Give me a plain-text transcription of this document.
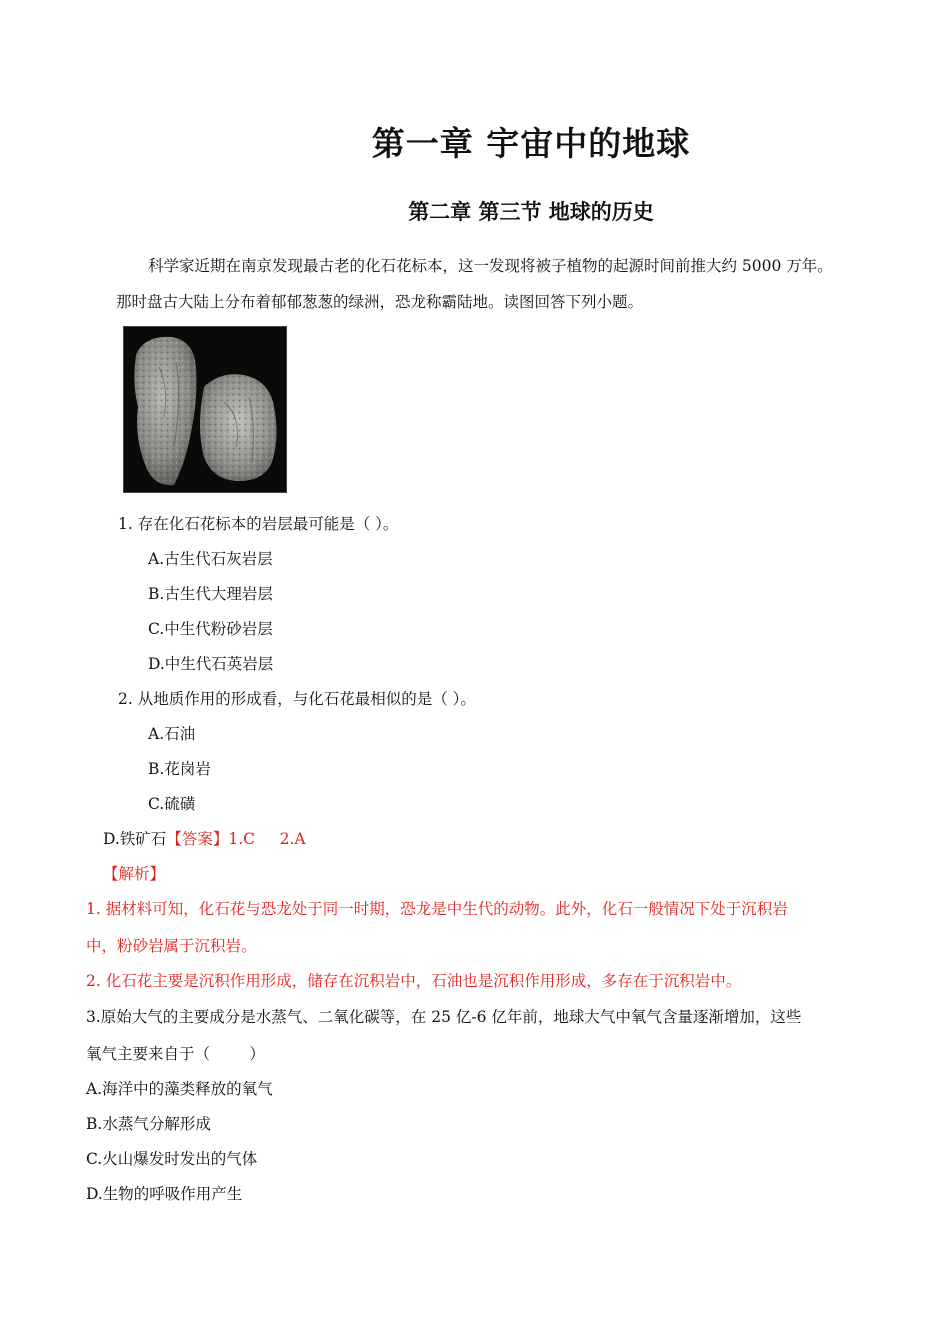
第一章 宇宙中的地球
第二章 第三节 地球的历史
科学家近期在南京发现最古老的化石花标本，这一发现将被子植物的起源时间前推大约 5000 万年。
那时盘古大陆上分布着郁郁葱葱的绿洲，恐龙称霸陆地。读图回答下列小题。
1. 存在化石花标本的岩层最可能是（ ）。
A.古生代石灰岩层
B.古生代大理岩层
C.中生代粉砂岩层
D.中生代石英岩层
2. 从地质作用的形成看，与化石花最相似的是（ ）。
A.石油
B.花岗岩
C.硫磺
D.铁矿石【答案】1.C     2.A
【解析】
1. 据材料可知，化石花与恐龙处于同一时期，恐龙是中生代的动物。此外，化石一般情况下处于沉积岩
中，粉砂岩属于沉积岩。
2. 化石花主要是沉积作用形成，储存在沉积岩中，石油也是沉积作用形成，多存在于沉积岩中。
3.原始大气的主要成分是水蒸气、二氧化碳等，在 25 亿-6 亿年前，地球大气中氧气含量逐渐增加，这些
氧气主要来自于（        ）
A.海洋中的藻类释放的氧气
B.水蒸气分解形成
C.火山爆发时发出的气体
D.生物的呼吸作用产生
